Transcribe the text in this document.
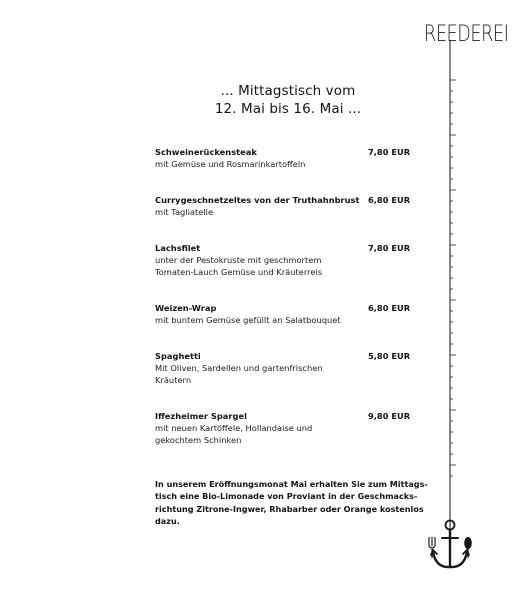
REEDEREI
... Mittagstisch vom
12. Mai bis 16. Mai ...
Schweinerückensteak	7,80 EUR
mit Gemüse und Rosmarinkartoffeln
Currygeschnetzeltes von der Truthahnbrust	6,80 EUR
mit Tagliatelle
Lachsfilet	7,80 EUR
unter der Pestokruste mit geschmortem
Tomaten-Lauch Gemüse und Kräuterreis
Weizen-Wrap	6,80 EUR
mit buntem Gemüse gefüllt an Salatbouquet
Spaghetti	5,80 EUR
Mit Oliven, Sardellen und gartenfrischen
Kräutern
Iffezheimer Spargel	9,80 EUR
mit neuen Kartöffele, Hollandaise und
gekochtem Schinken
In unserem Eröffnungsmonat Mai erhalten Sie zum Mittags-
tisch eine Bio-Limonade von Proviant in der Geschmacks-
richtung Zitrone-Ingwer, Rhabarber oder Orange kostenlos
dazu.
